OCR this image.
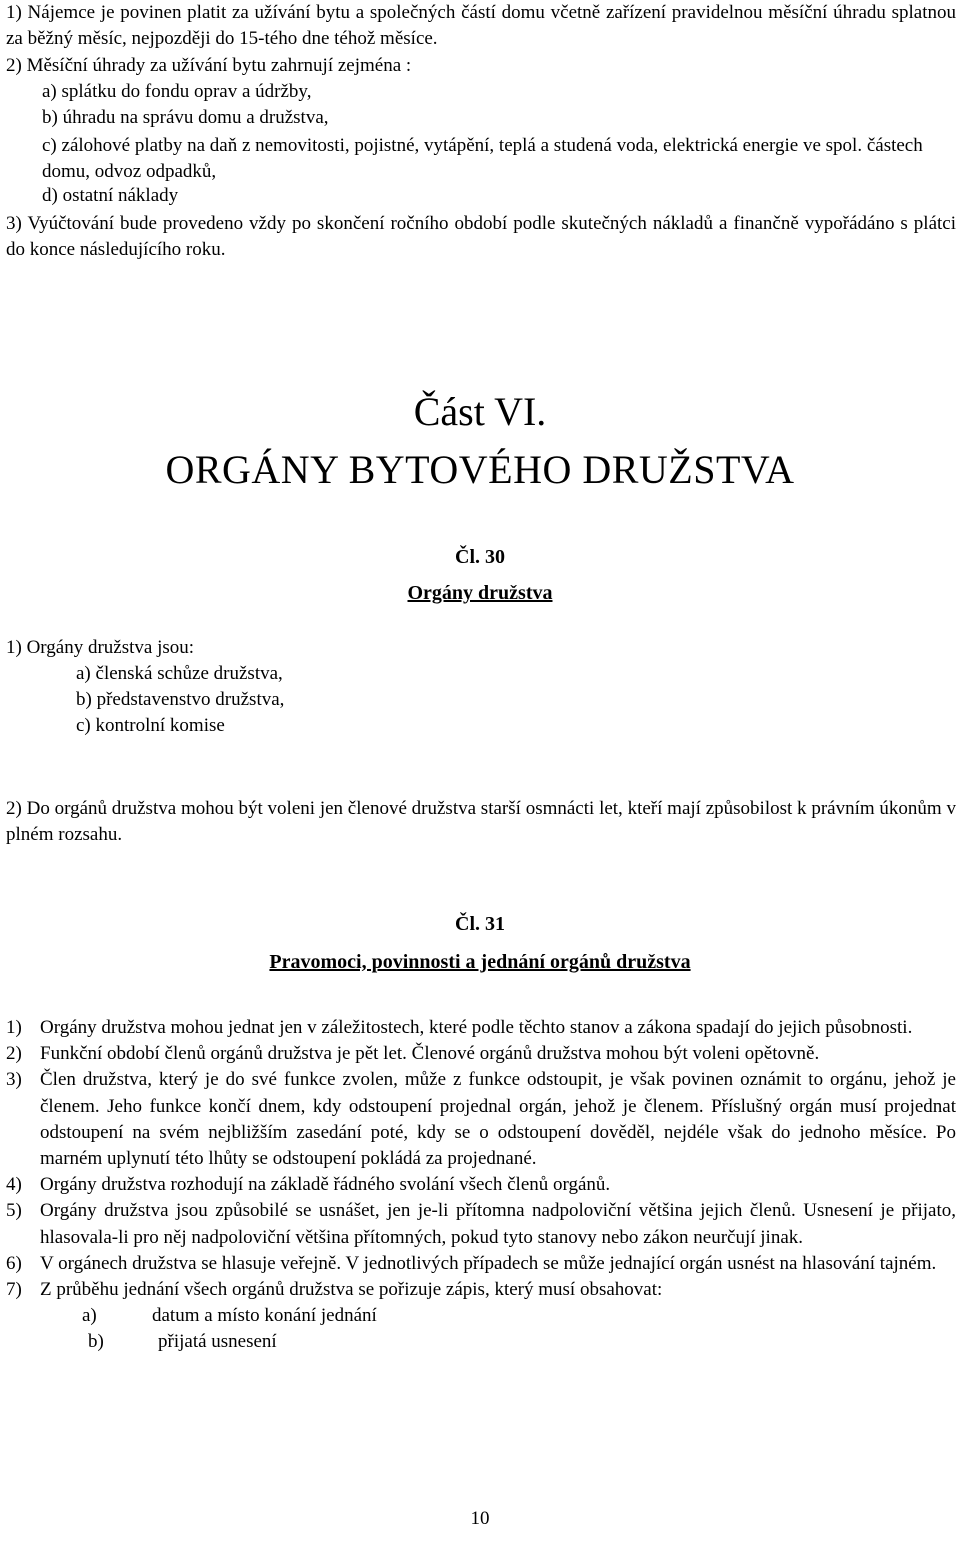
1) Nájemce je povinen platit za užívání bytu a společných částí domu včetně zařízení pravidelnou měsíční úhradu splatnou za běžný měsíc, nejpozději do 15-tého dne téhož měsíce.
2) Měsíční úhrady za užívání bytu zahrnují zejména :
a) splátku do fondu oprav a údržby,
b) úhradu na správu domu a družstva,
c) zálohové platby na daň z nemovitosti, pojistné, vytápění, teplá a studená voda, elektrická energie ve spol. částech domu, odvoz odpadků,
d) ostatní náklady
3) Vyúčtování bude provedeno vždy po skončení ročního období podle skutečných nákladů a finančně vypořádáno s plátci do konce následujícího roku.
Část VI.
ORGÁNY BYTOVÉHO DRUŽSTVA
Čl. 30
Orgány družstva
1) Orgány družstva jsou:
a) členská schůze družstva,
b) představenstvo družstva,
c) kontrolní komise
2) Do orgánů družstva mohou být voleni jen členové družstva starší osmnácti let, kteří mají způsobilost k právním úkonům v plném rozsahu.
Čl. 31
Pravomoci, povinnosti a jednání orgánů družstva
1) Orgány družstva mohou jednat jen v záležitostech, které podle těchto stanov a zákona spadají do jejich působnosti.
2) Funkční období členů orgánů družstva je pět let. Členové orgánů družstva mohou být voleni opětovně.
3) Člen družstva, který je do své funkce zvolen, může z funkce odstoupit, je však povinen oznámit to orgánu, jehož je členem. Jeho funkce končí dnem, kdy odstoupení projednal orgán, jehož je členem. Příslušný orgán musí projednat odstoupení na svém nejbližším zasedání poté, kdy se o odstoupení dověděl, nejdéle však do jednoho měsíce. Po marném uplynutí této lhůty se odstoupení pokládá za projednané.
4) Orgány družstva rozhodují na základě řádného svolání všech členů orgánů.
5) Orgány družstva jsou způsobilé se usnášet, jen je-li přítomna nadpoloviční většina jejich členů. Usnesení je přijato, hlasovala-li pro něj nadpoloviční většina přítomných, pokud tyto stanovy nebo zákon neurčují jinak.
6) V orgánech družstva se hlasuje veřejně. V jednotlivých případech se může jednající orgán usnést na hlasování tajném.
7) Z průběhu jednání všech orgánů družstva se pořizuje zápis, který musí obsahovat:
a)	datum a místo konání jednání
b)	přijatá usnesení
10
